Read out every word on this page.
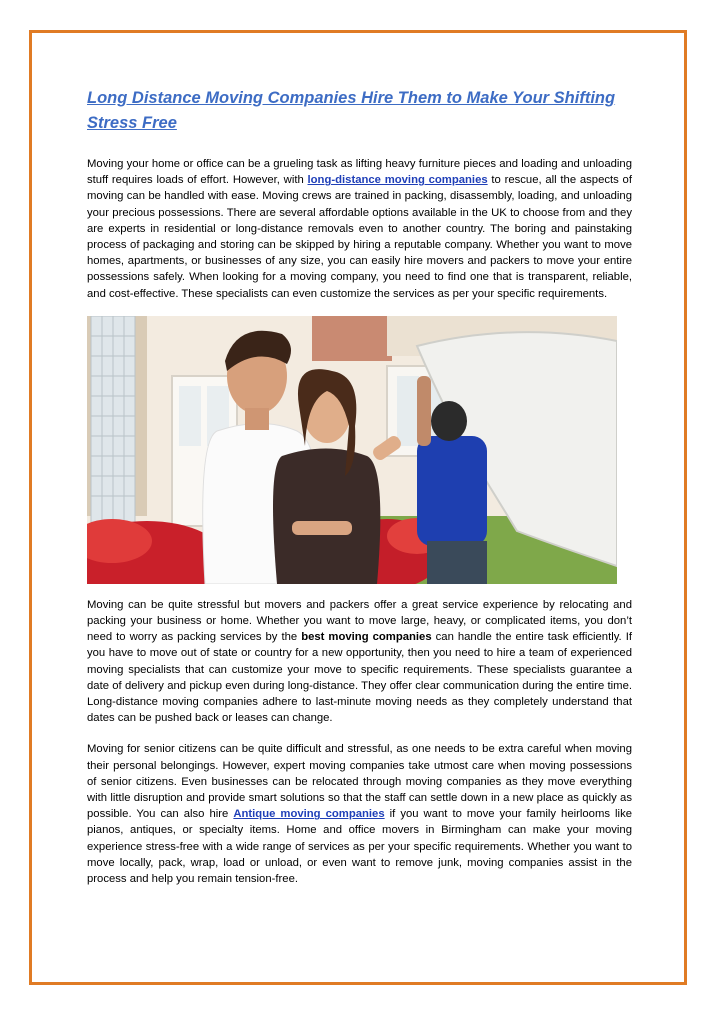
Long Distance Moving Companies Hire Them to Make Your Shifting Stress Free

Moving your home or office can be a grueling task as lifting heavy furniture pieces and loading and unloading stuff requires loads of effort. However, with long-distance moving companies to rescue, all the aspects of moving can be handled with ease. Moving crews are trained in packing, disassembly, loading, and unloading your precious possessions. There are several affordable options available in the UK to choose from and they are experts in residential or long-distance removals even to another country. The boring and painstaking process of packaging and storing can be skipped by hiring a reputable company. Whether you want to move homes, apartments, or businesses of any size, you can easily hire movers and packers to move your entire possessions safely. When looking for a moving company, you need to find one that is transparent, reliable, and cost-effective. These specialists can even customize the services as per your specific requirements.

Moving can be quite stressful but movers and packers offer a great service experience by relocating and packing your business or home. Whether you want to move large, heavy, or complicated items, you don’t need to worry as packing services by the best moving companies can handle the entire task efficiently. If you have to move out of state or country for a new opportunity, then you need to hire a team of experienced moving specialists that can customize your move to specific requirements. These specialists guarantee a date of delivery and pickup even during long-distance. They offer clear communication during the entire time. Long-distance moving companies adhere to last-minute moving needs as they completely understand that dates can be pushed back or leases can change.

Moving for senior citizens can be quite difficult and stressful, as one needs to be extra careful when moving their personal belongings. However, expert moving companies take utmost care when moving possessions of senior citizens. Even businesses can be relocated through moving companies as they move everything with little disruption and provide smart solutions so that the staff can settle down in a new place as quickly as possible. You can also hire Antique moving companies if you want to move your family heirlooms like pianos, antiques, or specialty items. Home and office movers in Birmingham can make your moving experience stress-free with a wide range of services as per your specific requirements. Whether you want to move locally, pack, wrap, load or unload, or even want to remove junk, moving companies assist in the process and help you remain tension-free.
